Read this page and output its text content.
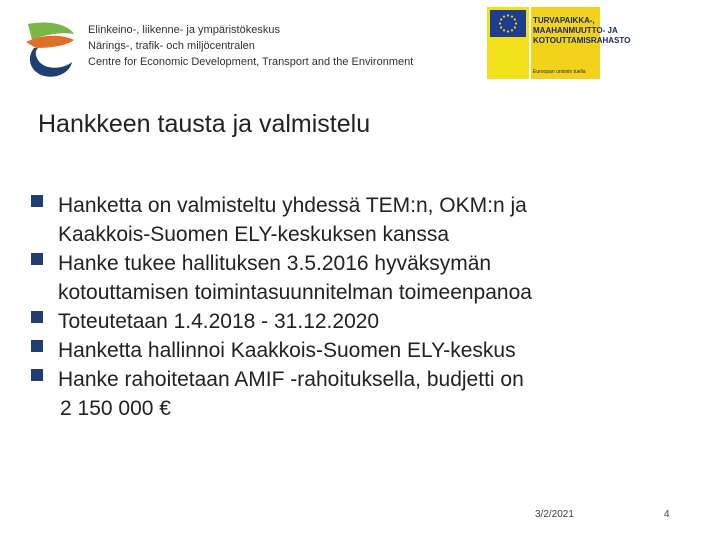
Elinkeino-, liikenne- ja ympäristökeskus
Närings-, trafik- och miljöcentralen
Centre for Economic Development, Transport and the Environment
TURVAPAIKKA-,
MAAHANMUUTTO- JA
KOTOUTTAMISRAHASTO
Euroopan unionin tuella
Hankkeen tausta ja valmistelu
Hanketta on valmisteltu yhdessä TEM:n, OKM:n ja
Kaakkois-Suomen ELY-keskuksen kanssa
Hanke tukee hallituksen 3.5.2016 hyväksymän
kotouttamisen toimintasuunnitelman toimeenpanoa
Toteutetaan 1.4.2018 - 31.12.2020
Hanketta hallinnoi Kaakkois-Suomen ELY-keskus
Hanke rahoitetaan AMIF -rahoituksella, budjetti on
2 150 000 €
3/2/2021	4
